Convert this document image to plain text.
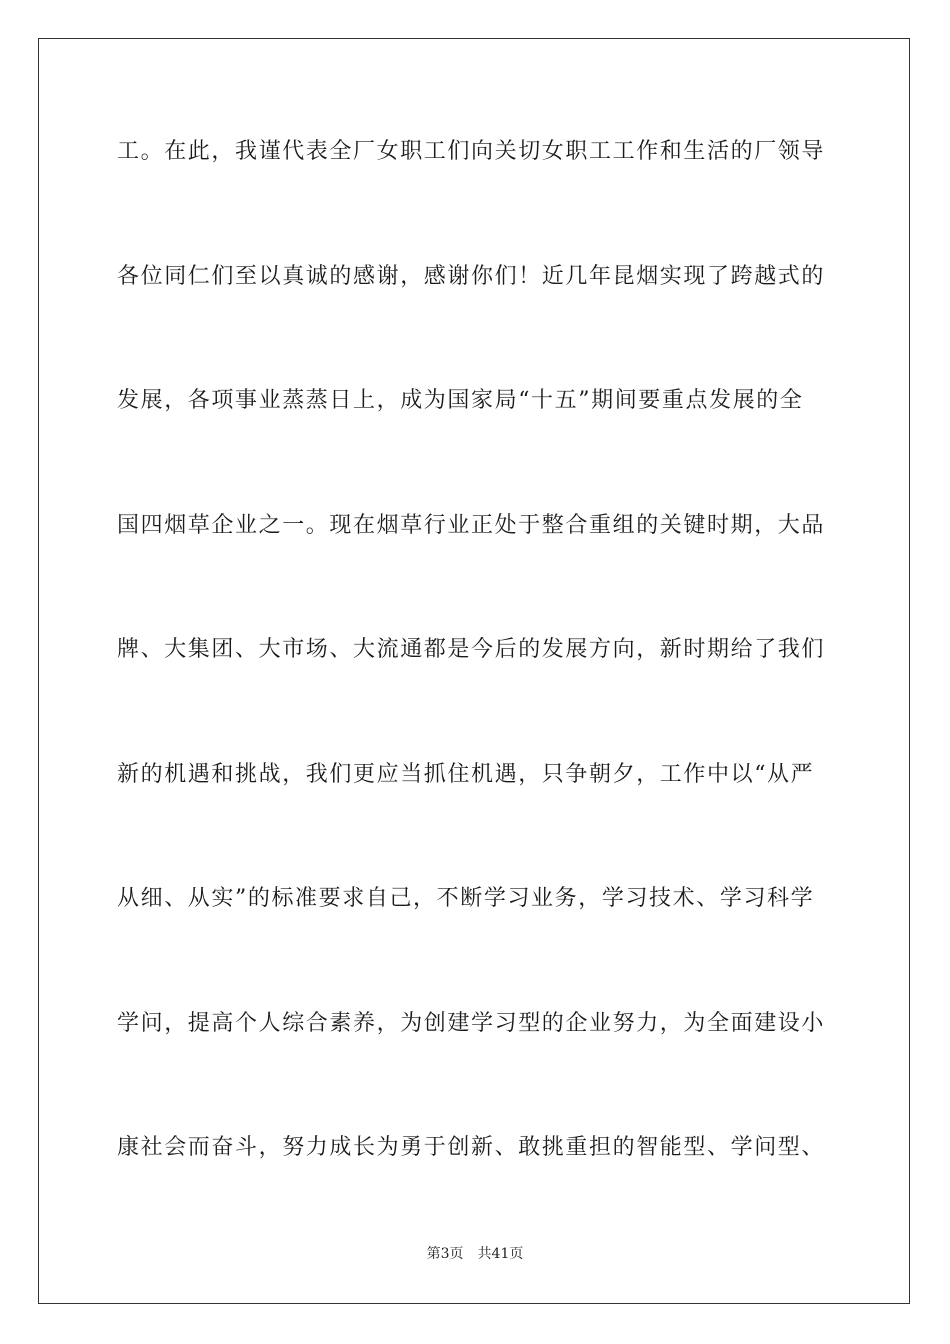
工。在此，我谨代表全厂女职工们向关切女职工工作和生活的厂领导
各位同仁们至以真诚的感谢，感谢你们！近几年昆烟实现了跨越式的
发展，各项事业蒸蒸日上，成为国家局“十五”期间要重点发展的全
国四烟草企业之一。现在烟草行业正处于整合重组的关键时期，大品
牌、大集团、大市场、大流通都是今后的发展方向，新时期给了我们
新的机遇和挑战，我们更应当抓住机遇，只争朝夕，工作中以“从严
从细、从实”的标准要求自己，不断学习业务，学习技术、学习科学
学问，提高个人综合素养，为创建学习型的企业努力，为全面建设小
康社会而奋斗，努力成长为勇于创新、敢挑重担的智能型、学问型、
第3页 共41页
